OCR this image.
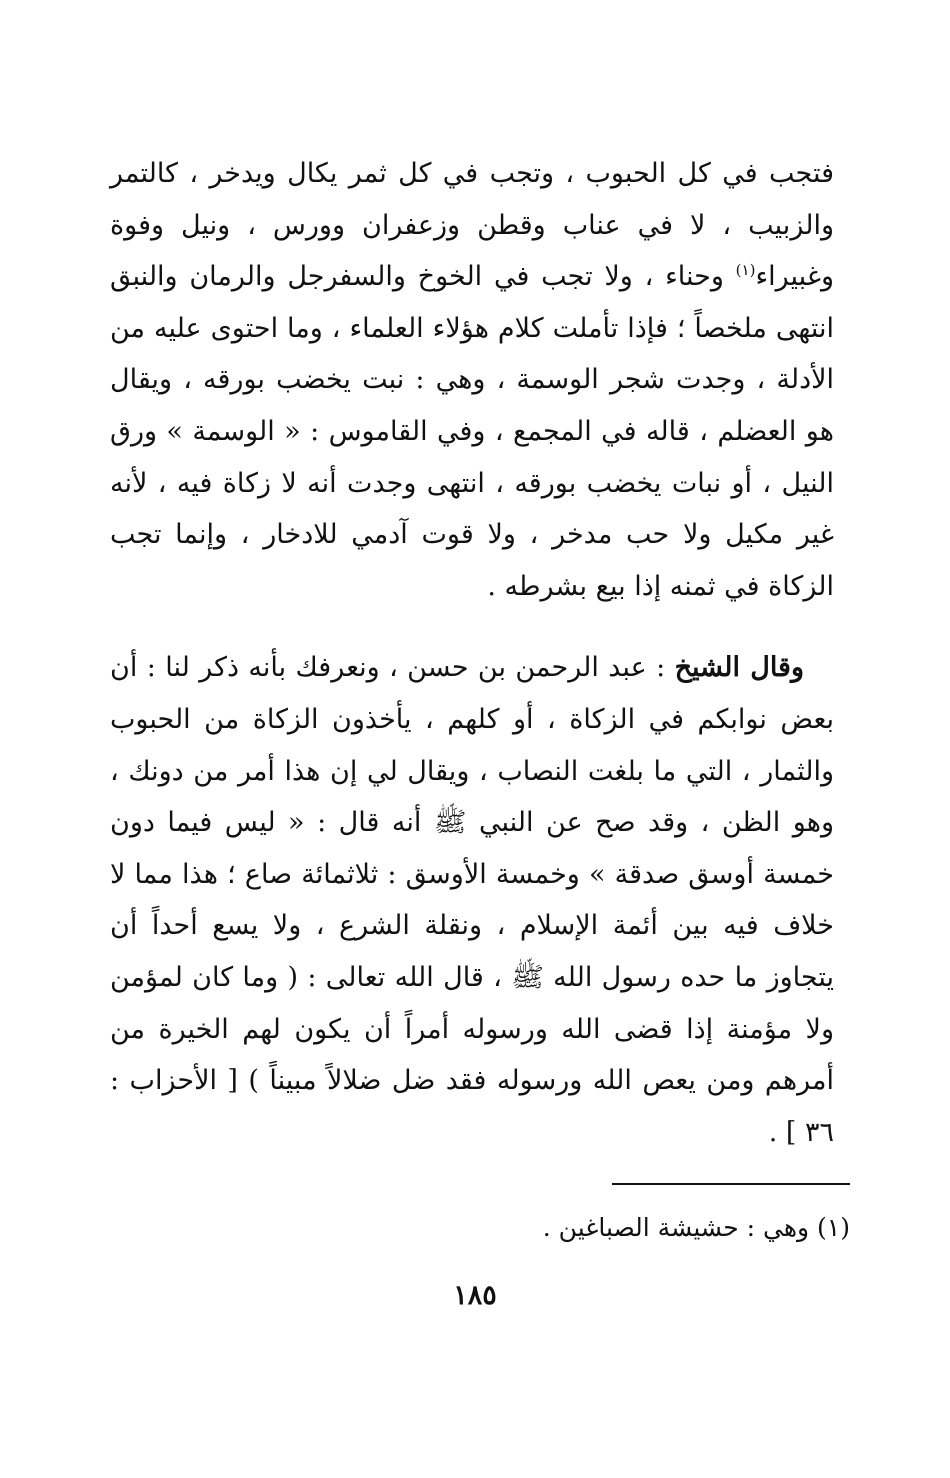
فتجب في كل الحبوب ، وتجب في كل ثمر يكال ويدخر ، كالتمر والزبيب ، لا في عناب وقطن وزعفران وورس ، ونيل وفوة وغبيراء$^{(١)}$ وحناء ، ولا تجب في الخوخ والسفرجل والرمان والنبق انتهى ملخصاً ؛ فإذا تأملت كلام هؤلاء العلماء ، وما احتوى عليه من الأدلة ، وجدت شجر الوسمة ، وهي : نبت يخضب بورقه ، ويقال هو العضلم ، قاله في المجمع ، وفي القاموس : « الوسمة » ورق النيل ، أو نبات يخضب بورقه ، انتهى وجدت أنه لا زكاة فيه ، لأنه غير مكيل ولا حب مدخر ، ولا قوت آدمي للادخار ، وإنما تجب الزكاة في ثمنه إذا بيع بشرطه .

وقال الشيخ : عبد الرحمن بن حسن ، ونعرفك بأنه ذكر لنا : أن بعض نوابكم في الزكاة ، أو كلهم ، يأخذون الزكاة من الحبوب والثمار ، التي ما بلغت النصاب ، ويقال لي إن هذا أمر من دونك ، وهو الظن ، وقد صح عن النبي ﷺ أنه قال : « ليس فيما دون خمسة أوسق صدقة » وخمسة الأوسق : ثلاثمائة صاع ؛ هذا مما لا خلاف فيه بين أئمة الإسلام ، ونقلة الشرع ، ولا يسع أحداً أن يتجاوز ما حده رسول الله ﷺ ، قال الله تعالى : ( وما كان لمؤمن ولا مؤمنة إذا قضى الله ورسوله أمراً أن يكون لهم الخيرة من أمرهم ومن يعص الله ورسوله فقد ضل ضلالاً مبيناً ) [ الأحزاب : ٣٦ ] .

(١) وهي : حشيشة الصباغين .
١٨٥
